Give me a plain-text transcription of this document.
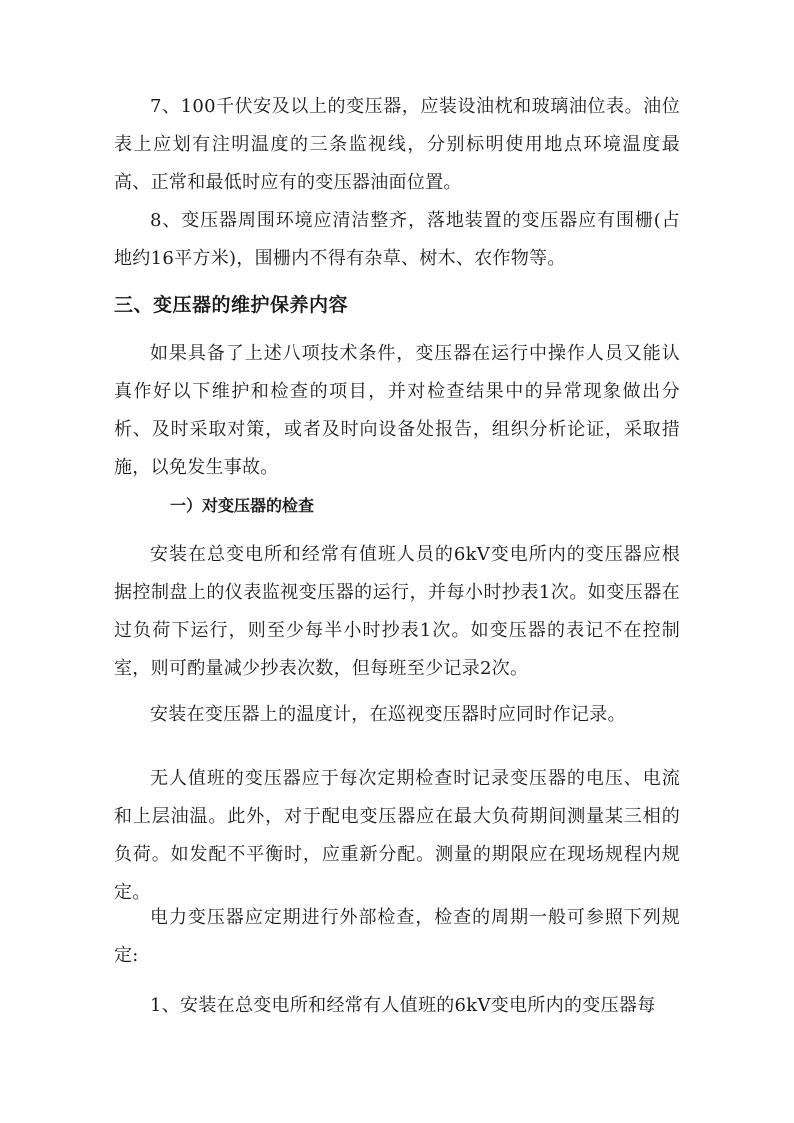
7、100千伏安及以上的变压器，应装设油枕和玻璃油位表。油位表上应划有注明温度的三条监视线，分别标明使用地点环境温度最高、正常和最低时应有的变压器油面位置。

8、变压器周围环境应清洁整齐，落地装置的变压器应有围栅(占地约16平方米)，围栅内不得有杂草、树木、农作物等。

三、变压器的维护保养内容

如果具备了上述八项技术条件，变压器在运行中操作人员又能认真作好以下维护和检查的项目，并对检查结果中的异常现象做出分析、及时采取对策，或者及时向设备处报告，组织分析论证，采取措施，以免发生事故。

一）对变压器的检查

安装在总变电所和经常有值班人员的6kV变电所内的变压器应根据控制盘上的仪表监视变压器的运行，并每小时抄表1次。如变压器在过负荷下运行，则至少每半小时抄表1次。如变压器的表记不在控制室，则可酌量减少抄表次数，但每班至少记录2次。

安装在变压器上的温度计，在巡视变压器时应同时作记录。

无人值班的变压器应于每次定期检查时记录变压器的电压、电流和上层油温。此外，对于配电变压器应在最大负荷期间测量某三相的负荷。如发配不平衡时，应重新分配。测量的期限应在现场规程内规定。

电力变压器应定期进行外部检查，检查的周期一般可参照下列规定:

1、安装在总变电所和经常有人值班的6kV变电所内的变压器每
